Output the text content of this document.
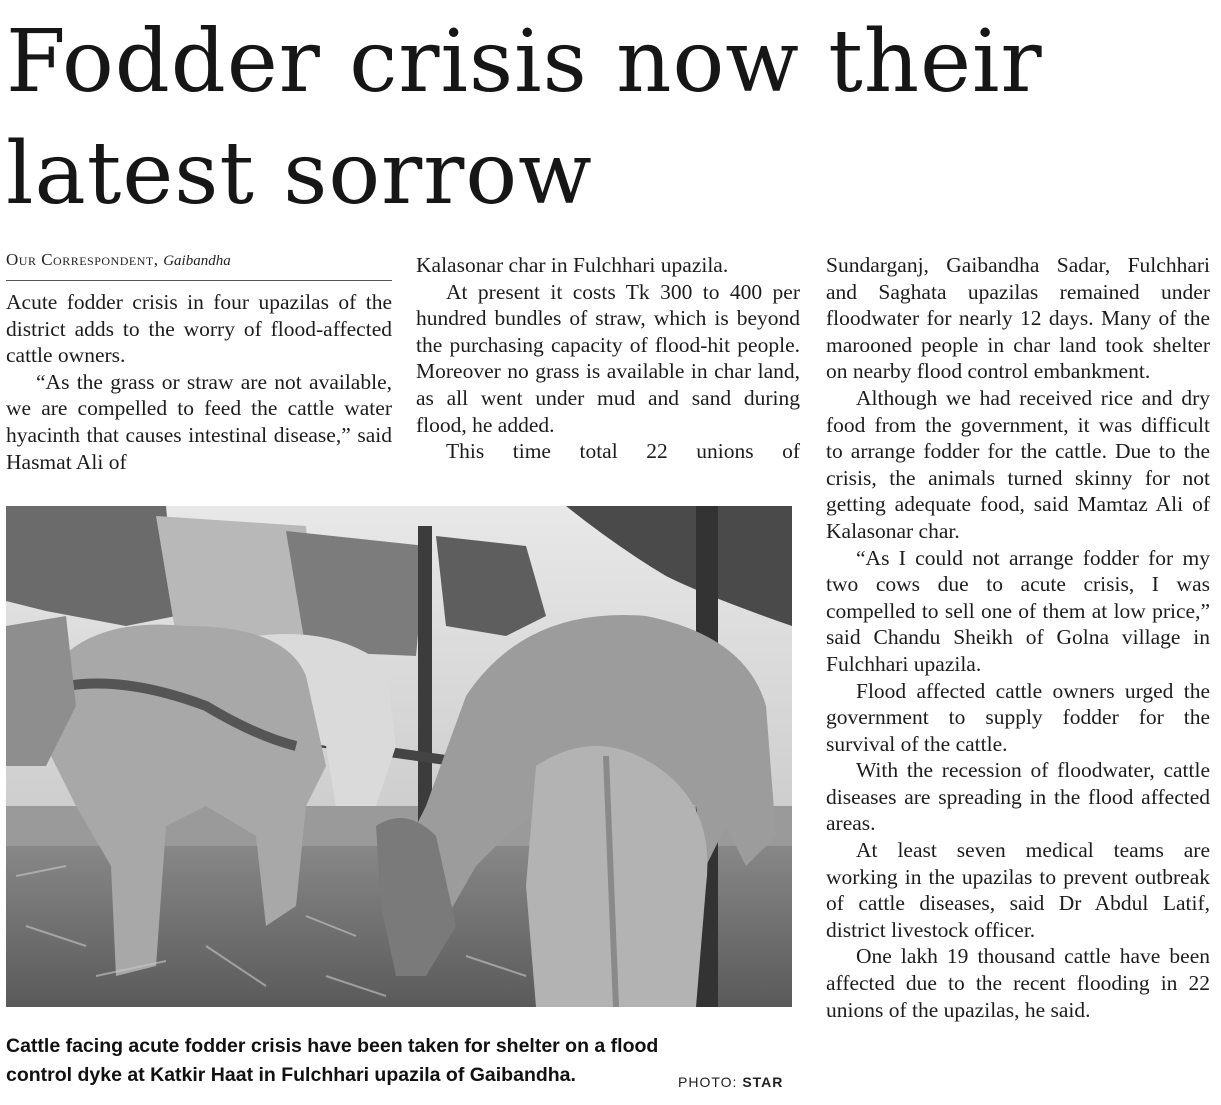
Fodder crisis now their
latest sorrow
Our Correspondent, Gaibandha

Acute fodder crisis in four upazilas of the district adds to the worry of flood-affected cattle owners.

“As the grass or straw are not available, we are compelled to feed the cattle water hyacinth that causes intestinal disease,” said Hasmat Ali of

Kalasonar char in Fulchhari upazila.

At present it costs Tk 300 to 400 per hundred bundles of straw, which is beyond the purchasing capacity of flood-hit people. Moreover no grass is available in char land, as all went under mud and sand during flood, he added.

This time total 22 unions of

Sundarganj, Gaibandha Sadar, Fulchhari and Saghata upazilas remained under floodwater for nearly 12 days. Many of the marooned people in char land took shelter on nearby flood control embankment.

Although we had received rice and dry food from the government, it was difficult to arrange fodder for the cattle. Due to the crisis, the animals turned skinny for not getting adequate food, said Mamtaz Ali of Kalasonar char.

“As I could not arrange fodder for my two cows due to acute crisis, I was compelled to sell one of them at low price,” said Chandu Sheikh of Golna village in Fulchhari upazila.

Flood affected cattle owners urged the government to supply fodder for the survival of the cattle.

With the recession of floodwater, cattle diseases are spreading in the flood affected areas.

At least seven medical teams are working in the upazilas to prevent outbreak of cattle diseases, said Dr Abdul Latif, district livestock officer.

One lakh 19 thousand cattle have been affected due to the recent flooding in 22 unions of the upazilas, he said.

Cattle facing acute fodder crisis have been taken for shelter on a flood
control dyke at Katkir Haat in Fulchhari upazila of Gaibandha.	PHOTO: STAR
